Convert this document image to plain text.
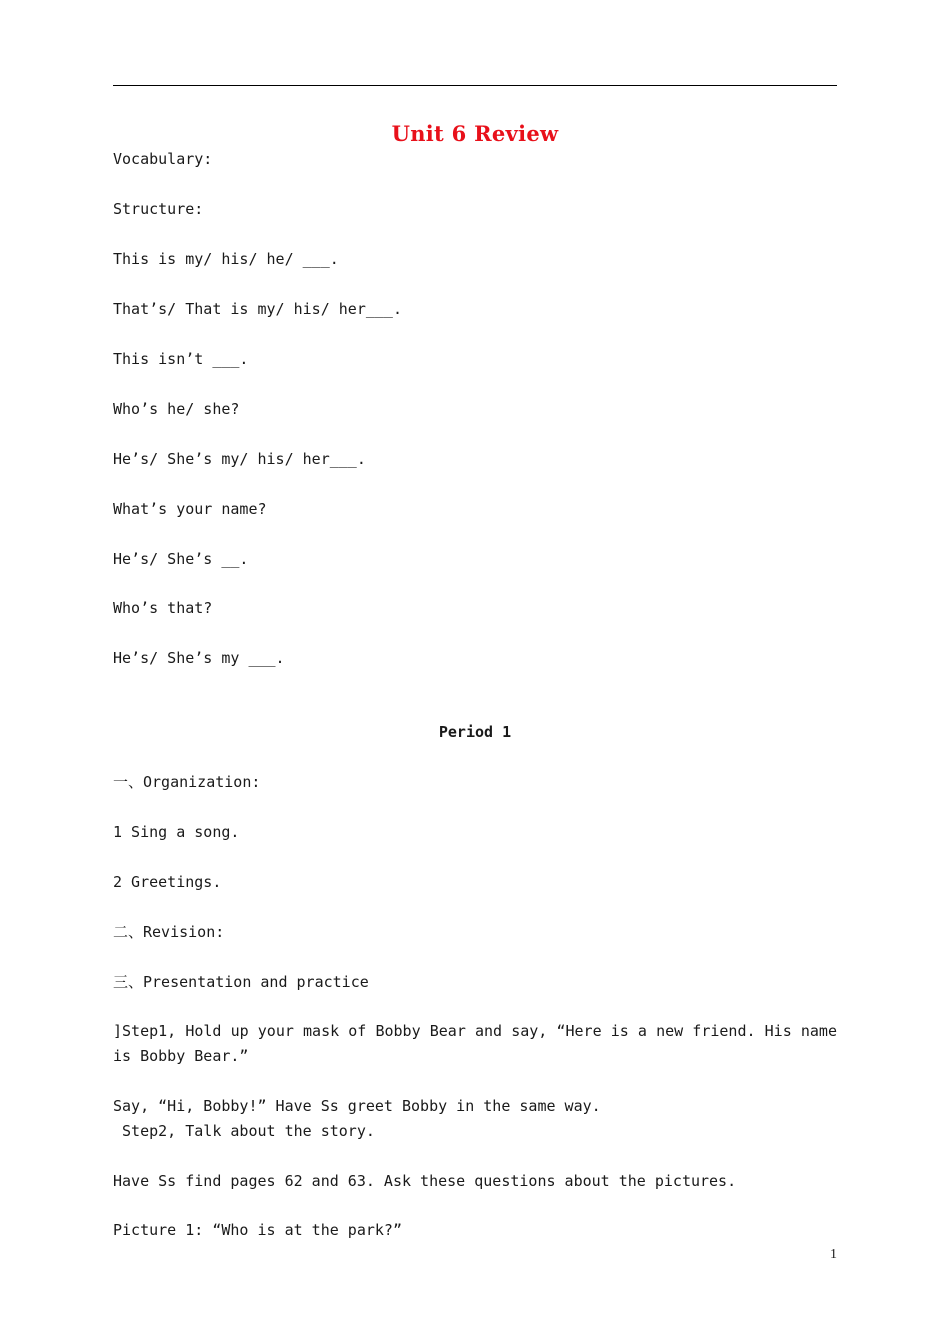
Unit 6 Review
Vocabulary:
Structure:
This is my/ his/ he/ ___.
That’s/ That is my/ his/ her___.
This isn’t ___.
Who’s he/ she?
He’s/ She’s my/ his/ her___.
What’s your name?
He’s/ She’s __.
Who’s that?
He’s/ She’s my ___.
Period 1
一、Organization:
1 Sing a song.
2 Greetings.
二、Revision:
三、Presentation and practice
]Step1, Hold up your mask of Bobby Bear and say, “Here is a new friend. His name is Bobby Bear.”
Say, “Hi, Bobby!” Have Ss greet Bobby in the same way.
Step2, Talk about the story.
Have Ss find pages 62 and 63. Ask these questions about the pictures.
Picture 1: “Who is at the park?”
1
